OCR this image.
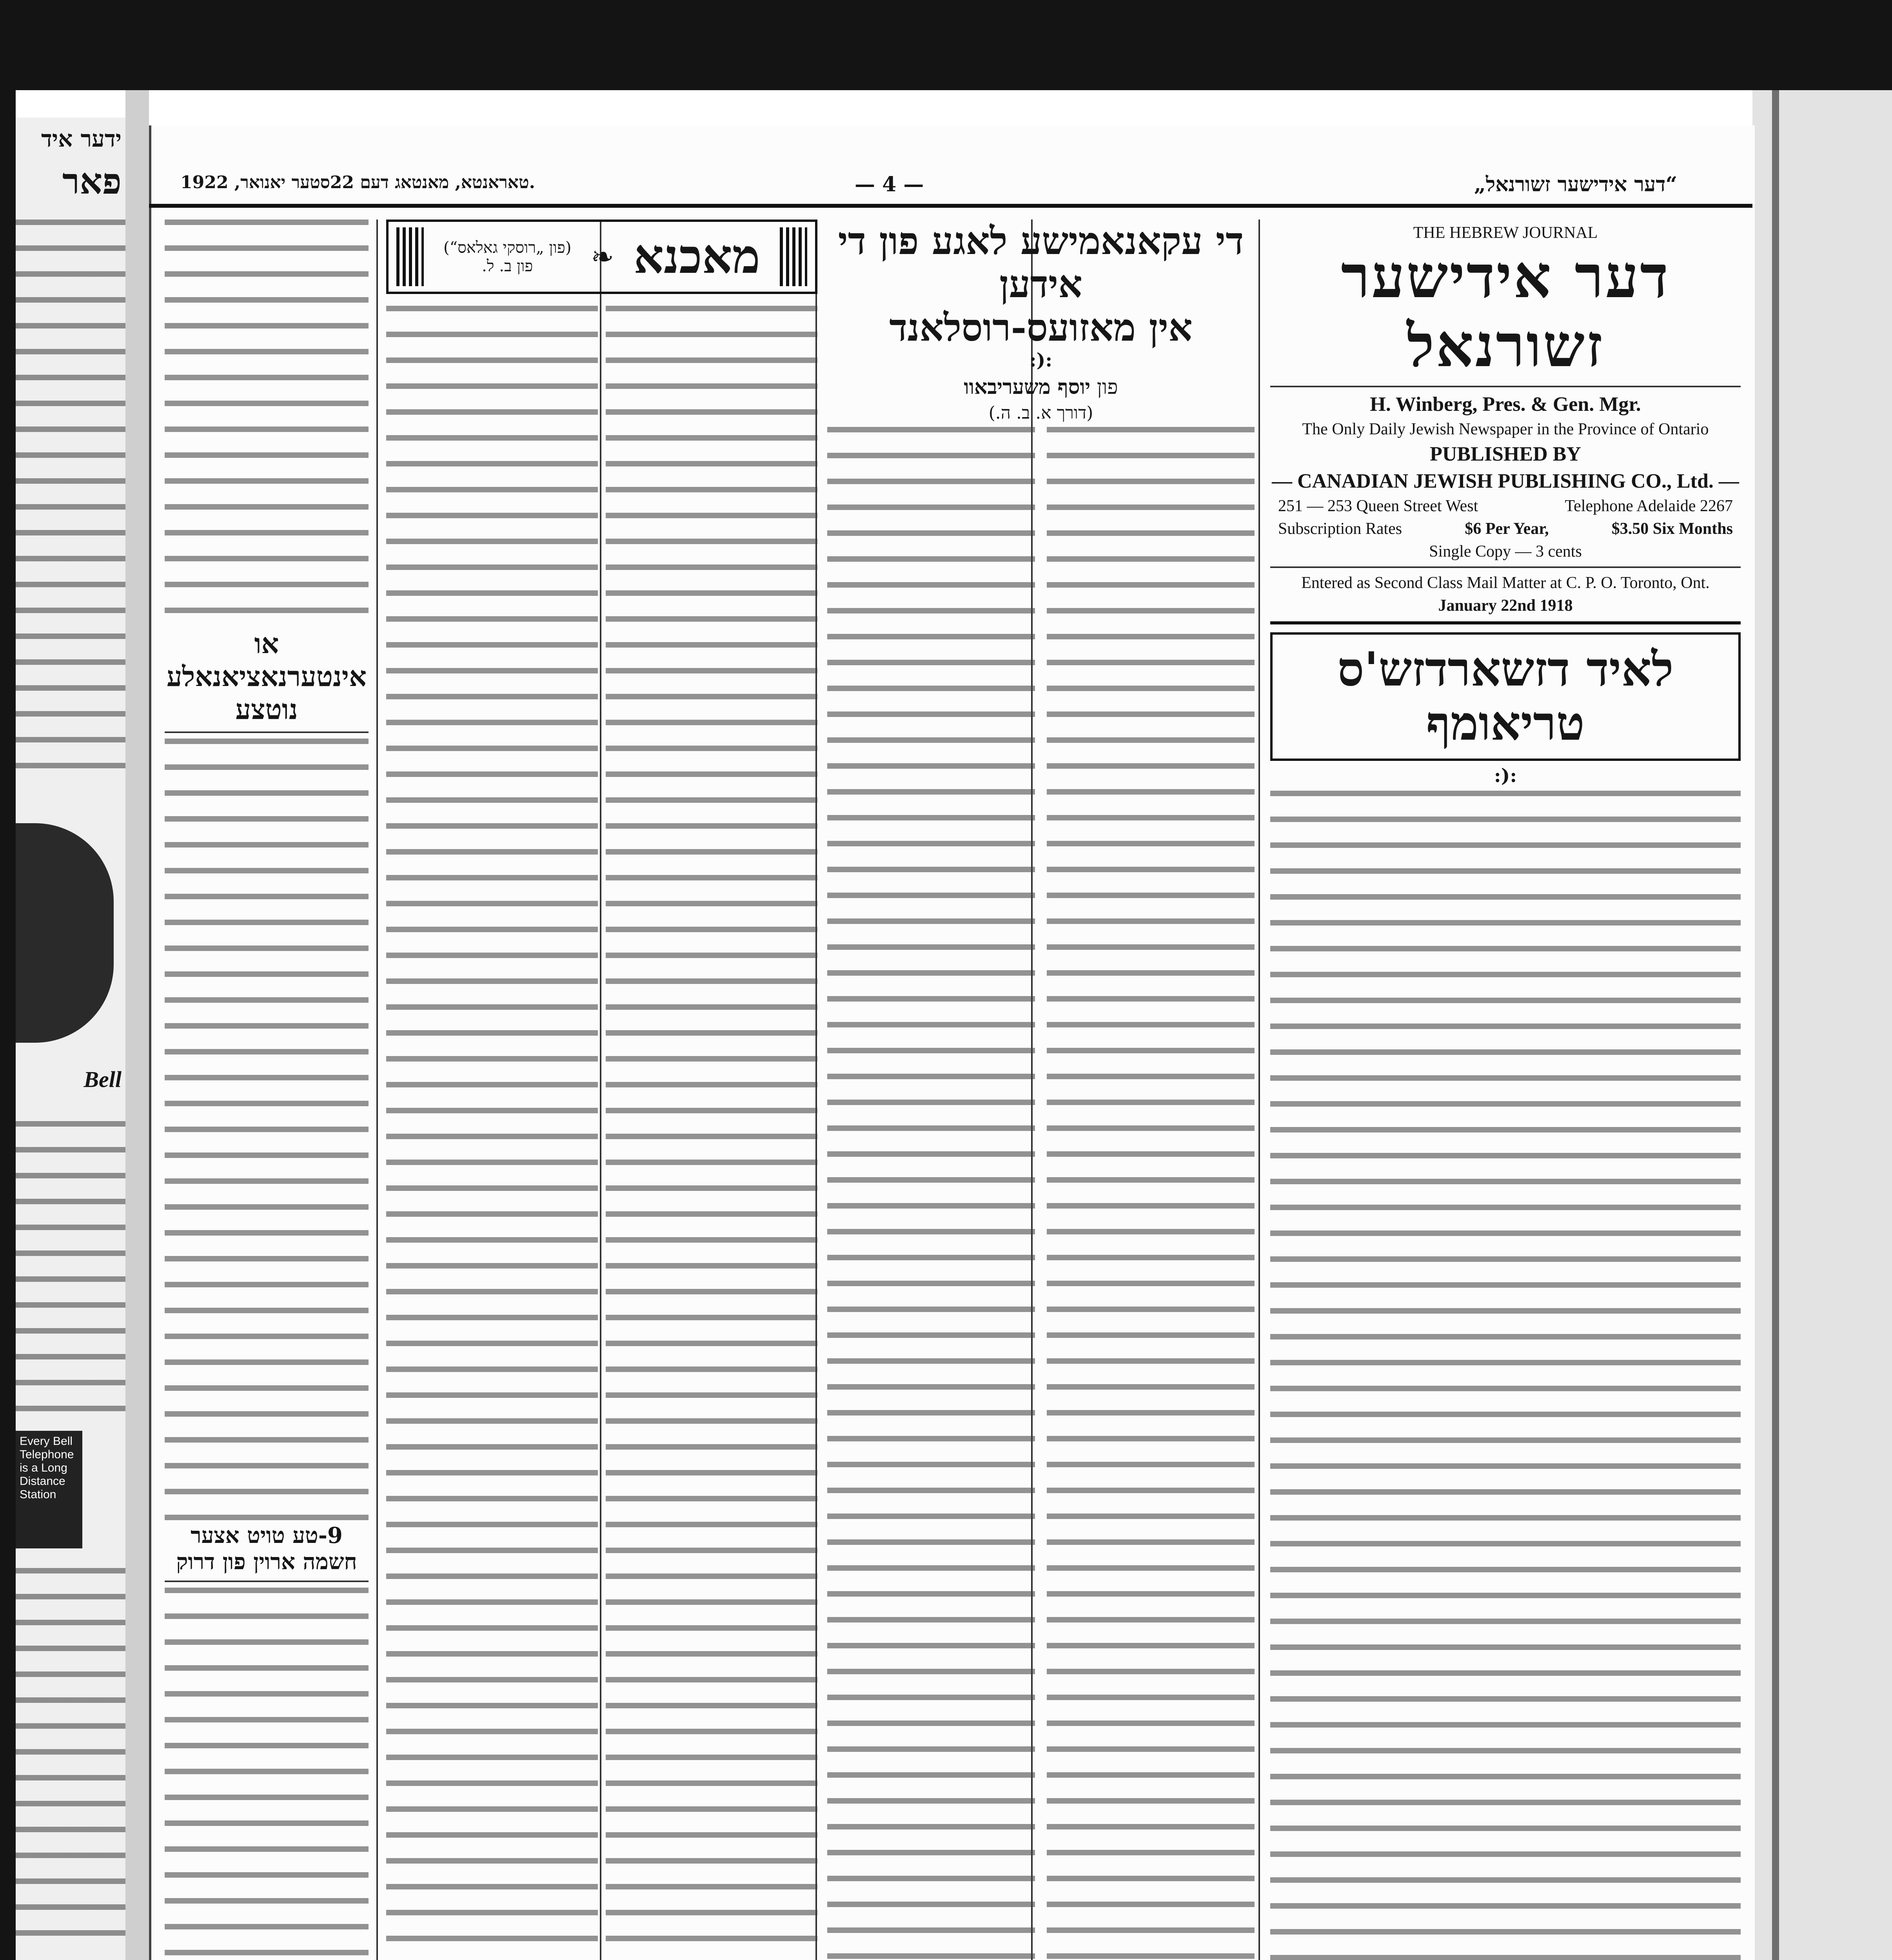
ידער איד
פאר
Bell
Every Bell Telephone is a Long Distance Station
„דער אידישער זשורנאל“
— 4 —
טאראנטא, מאנטאג דעם 22סטער יאנואר, 1922.
THE HEBREW JOURNAL
דער אידישער זשורנאל
H. Winberg, Pres. & Gen. Mgr.
The Only Daily Jewish Newspaper in the Province of Ontario
PUBLISHED BY
— CANADIAN JEWISH PUBLISHING CO., Ltd. —
251 — 253 Queen Street West	Telephone Adelaide 2267
Subscription Rates	$6 Per Year,	$3.50 Six Months
Single Copy — 3 cents
Entered as Second Class Mail Matter at C. P. O. Toronto, Ont.
January 22nd 1918
לאיד דזשארדזש'ס טריאומף
:(:
די עקאנאמישע לאגע פון די אידען
אין מאזועס-רוסלאנד
:(:
פון יוסף משעריבאוו
(דורך א. ב. ה.)
מאכנא
❧
(פון „רוסקי גאלאס“)
פון ב. ל.
או אינטערנאציאנאלע
נוטצע
9-טע טויט אצער חשמה ארוין פון דרוק
